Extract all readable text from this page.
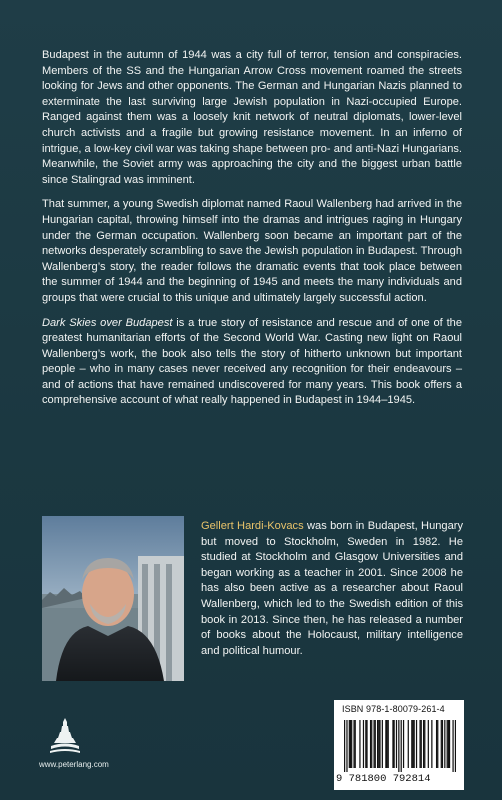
Budapest in the autumn of 1944 was a city full of terror, tension and conspiracies. Members of the SS and the Hungarian Arrow Cross movement roamed the streets looking for Jews and other opponents. The German and Hungarian Nazis planned to exterminate the last surviving large Jewish population in Nazi-occupied Europe. Ranged against them was a loosely knit network of neutral diplomats, lower-level church activists and a fragile but growing resistance movement. In an inferno of intrigue, a low-key civil war was taking shape between pro- and anti-Nazi Hungarians. Meanwhile, the Soviet army was approaching the city and the biggest urban battle since Stalingrad was imminent.

That summer, a young Swedish diplomat named Raoul Wallenberg had arrived in the Hungarian capital, throwing himself into the dramas and intrigues raging in Hungary under the German occupation. Wallenberg soon became an important part of the networks desperately scrambling to save the Jewish population in Budapest. Through Wallenberg’s story, the reader follows the dramatic events that took place between the summer of 1944 and the beginning of 1945 and meets the many individuals and groups that were crucial to this unique and ultimately largely successful action.

Dark Skies over Budapest is a true story of resistance and rescue and of one of the greatest humanitarian efforts of the Second World War. Casting new light on Raoul Wallenberg’s work, the book also tells the story of hitherto unknown but important people – who in many cases never received any recognition for their endeavours – and of actions that have remained undiscovered for many years. This book offers a comprehensive account of what really happened in Budapest in 1944–1945.

Gellert Hardi-Kovacs was born in Budapest, Hungary but moved to Stockholm, Sweden in 1982. He studied at Stockholm and Glasgow Universities and began working as a teacher in 2001. Since 2008 he has also been active as a researcher about Raoul Wallenberg, which led to the Swedish edition of this book in 2013. Since then, he has released a number of books about the Holocaust, military intelligence and political humour.

www.peterlang.com
ISBN 978-1-80079-261-4
9 781800 792814
